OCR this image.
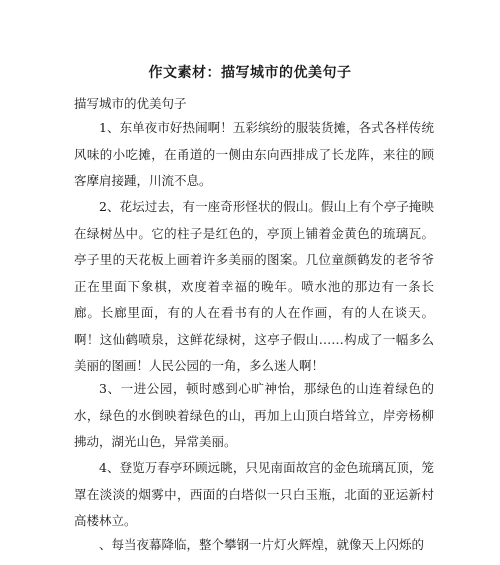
作文素材：描写城市的优美句子
描写城市的优美句子
1、东单夜市好热闹啊！五彩缤纷的服装货摊，各式各样传统风味的小吃摊，在甬道的一侧由东向西排成了长龙阵，来往的顾客摩肩接踵，川流不息。
2、花坛过去，有一座奇形怪状的假山。假山上有个亭子掩映在绿树丛中。它的柱子是红色的，亭顶上铺着金黄色的琉璃瓦。亭子里的天花板上画着许多美丽的图案。几位童颜鹤发的老爷爷正在里面下象棋，欢度着幸福的晚年。喷水池的那边有一条长廊。长廊里面，有的人在看书有的人在作画，有的人在谈天。 啊！这仙鹤喷泉，这鲜花绿树，这亭子假山……构成了一幅多么美丽的图画！人民公园的一角，多么迷人啊！
3、一进公园，顿时感到心旷神怡，那绿色的山连着绿色的水，绿色的水倒映着绿色的山，再加上山顶白塔耸立，岸旁杨柳拂动，湖光山色，异常美丽。
4、登览万春亭环顾远眺，只见南面故宫的金色琉璃瓦顶，笼罩在淡淡的烟雾中，西面的白塔似一只白玉瓶，北面的亚运新村高楼林立。
、每当夜幕降临，整个攀钢一片灯火辉煌，就像天上闪烁的
